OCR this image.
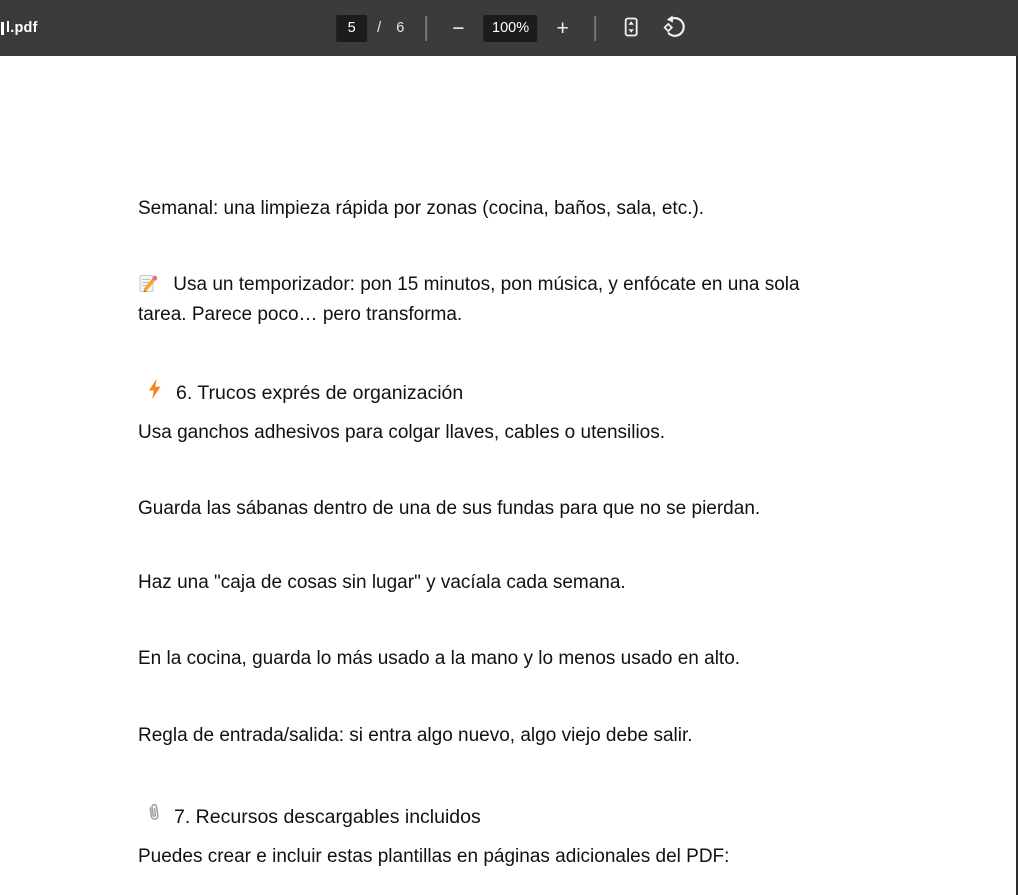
l.pdf
5	/ 6 −	100%	+
Semanal: una limpieza rápida por zonas (cocina, baños, sala, etc.).
Usa un temporizador: pon 15 minutos, pon música, y enfócate en una sola tarea. Parece poco… pero transforma.
6. Trucos exprés de organización
Usa ganchos adhesivos para colgar llaves, cables o utensilios.
Guarda las sábanas dentro de una de sus fundas para que no se pierdan.
Haz una "caja de cosas sin lugar" y vacíala cada semana.
En la cocina, guarda lo más usado a la mano y lo menos usado en alto.
Regla de entrada/salida: si entra algo nuevo, algo viejo debe salir.
7. Recursos descargables incluidos
Puedes crear e incluir estas plantillas en páginas adicionales del PDF:
